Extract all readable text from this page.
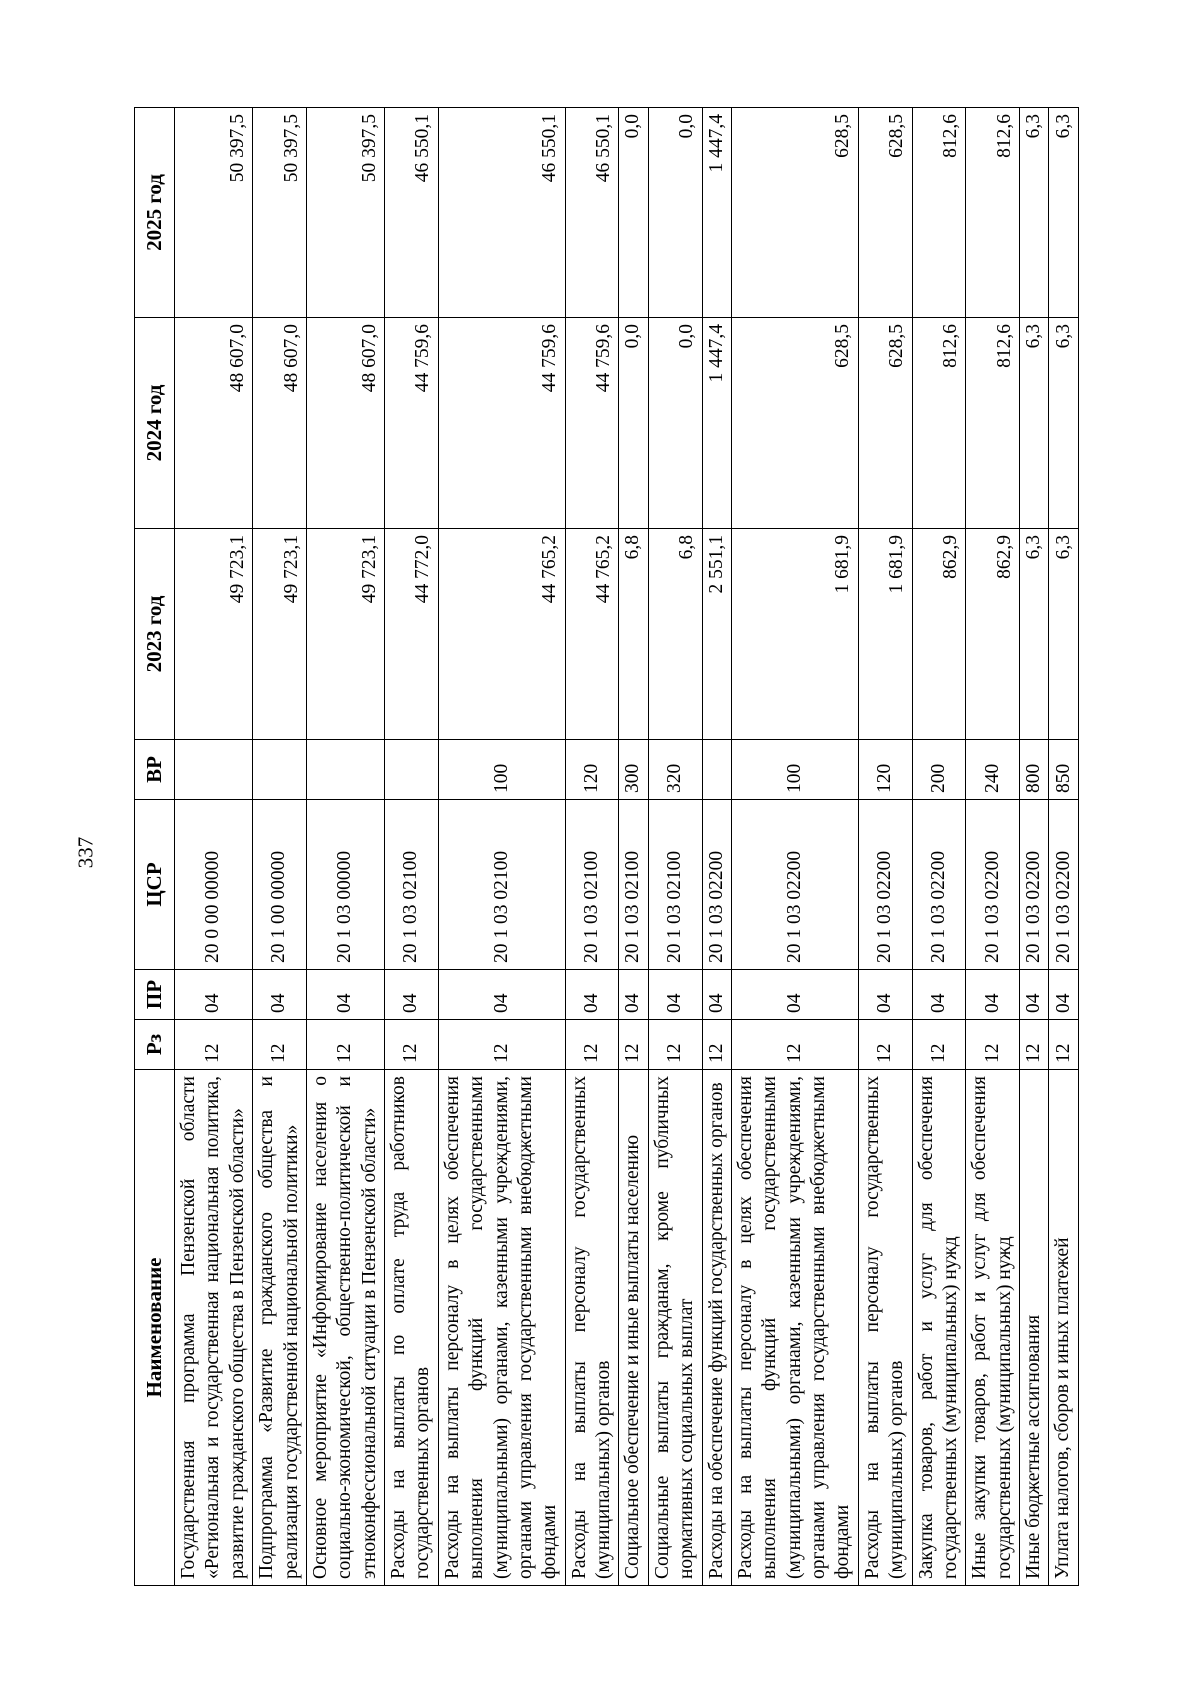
337
Наименование	Рз	ПР	ЦСР	ВР	2023 год	2024 год	2025 год
Государственная программа Пензенской области «Региональная и государственная национальная политика, развитие гражданского общества в Пензенской области»	12	04	20 0 00 00000		49 723,1	48 607,0	50 397,5
Подпрограмма «Развитие гражданского общества и реализация государственной национальной политики»	12	04	20 1 00 00000		49 723,1	48 607,0	50 397,5
Основное мероприятие «Информирование населения о социально-экономической, общественно-политической и этноконфессиональной ситуации в Пензенской области»	12	04	20 1 03 00000		49 723,1	48 607,0	50 397,5
Расходы на выплаты по оплате труда работников государственных органов	12	04	20 1 03 02100		44 772,0	44 759,6	46 550,1
Расходы на выплаты персоналу в целях обеспечения выполнения функций государственными (муниципальными) органами, казенными учреждениями, органами управления государственными внебюджетными фондами	12	04	20 1 03 02100	100	44 765,2	44 759,6	46 550,1
Расходы на выплаты персоналу государственных (муниципальных) органов	12	04	20 1 03 02100	120	44 765,2	44 759,6	46 550,1
Социальное обеспечение и иные выплаты населению	12	04	20 1 03 02100	300	6,8	0,0	0,0
Социальные выплаты гражданам, кроме публичных нормативных социальных выплат	12	04	20 1 03 02100	320	6,8	0,0	0,0
Расходы на обеспечение функций государственных органов	12	04	20 1 03 02200		2 551,1	1 447,4	1 447,4
Расходы на выплаты персоналу в целях обеспечения выполнения функций государственными (муниципальными) органами, казенными учреждениями, органами управления государственными внебюджетными фондами	12	04	20 1 03 02200	100	1 681,9	628,5	628,5
Расходы на выплаты персоналу государственных (муниципальных) органов	12	04	20 1 03 02200	120	1 681,9	628,5	628,5
Закупка товаров, работ и услуг для обеспечения государственных (муниципальных) нужд	12	04	20 1 03 02200	200	862,9	812,6	812,6
Иные закупки товаров, работ и услуг для обеспечения государственных (муниципальных) нужд	12	04	20 1 03 02200	240	862,9	812,6	812,6
Иные бюджетные ассигнования	12	04	20 1 03 02200	800	6,3	6,3	6,3
Уплата налогов, сборов и иных платежей	12	04	20 1 03 02200	850	6,3	6,3	6,3
